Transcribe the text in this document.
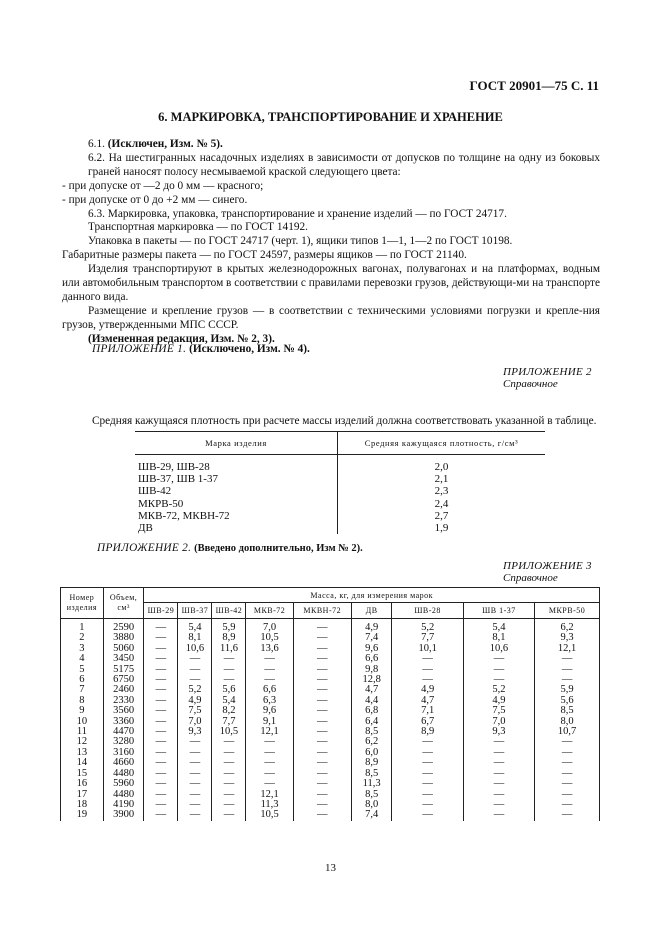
ГОСТ 20901—75 С. 11
6. МАРКИРОВКА, ТРАНСПОРТИРОВАНИЕ И ХРАНЕНИЕ

6.1. (Исключен, Изм. № 5).

6.2. На шестигранных насадочных изделиях в зависимости от допусков по толщине на одну из боковых граней наносят полосу несмываемой краской следующего цвета:

- при допуске от —2 до 0 мм — красного;

- при допуске от 0 до +2 мм — синего.

6.3. Маркировка, упаковка, транспортирование и хранение изделий — по ГОСТ 24717.

Транспортная маркировка — по ГОСТ 14192.

Упаковка в пакеты — по ГОСТ 24717 (черт. 1), ящики типов 1—1, 1—2 по ГОСТ 10198.

Габаритные размеры пакета — по ГОСТ 24597, размеры ящиков — по ГОСТ 21140.

Изделия транспортируют в крытых железнодорожных вагонах, полувагонах и на платформах, водным или автомобильным транспортом в соответствии с правилами перевозки грузов, действующи-ми на транспорте данного вида.

Размещение и крепление грузов — в соответствии с техническими условиями погрузки и крепле-ния грузов, утвержденными МПС СССР.

(Измененная редакция, Изм. № 2, 3).

ПРИЛОЖЕНИЕ 1. (Исключено, Изм. № 4).
ПРИЛОЖЕНИЕ 2
Справочное
Средняя кажущаяся плотность при расчете массы изделий должна соответствовать указанной в таблице.
Марка изделия	Средняя кажущаяся плотность, г/см³
ШВ-29, ШВ-28	2,0
ШВ-37, ШВ 1-37	2,1
ШВ-42	2,3
МКРВ-50	2,4
МКВ-72, МКВН-72	2,7
ДВ	1,9
ПРИЛОЖЕНИЕ 2. (Введено дополнительно, Изм № 2).
ПРИЛОЖЕНИЕ 3
Справочное
Номер изделия	Объем, см³	Масса, кг, для измерения марок								
		ШВ-29	ШВ-37	ШВ-42	МКВ-72	МКВН-72	ДВ	ШВ-28	ШВ 1-37	МКРВ-50
1	2590	—	5,4	5,9	7,0	—	4,9	5,2	5,4	6,2
2	3880	—	8,1	8,9	10,5	—	7,4	7,7	8,1	9,3
3	5060	—	10,6	11,6	13,6	—	9,6	10,1	10,6	12,1
4	3450	—	—	—	—	—	6,6	—	—	—
5	5175	—	—	—	—	—	9,8	—	—	—
6	6750	—	—	—	—	—	12,8	—	—	—
7	2460	—	5,2	5,6	6,6	—	4,7	4,9	5,2	5,9
8	2330	—	4,9	5,4	6,3	—	4,4	4,7	4,9	5,6
9	3560	—	7,5	8,2	9,6	—	6,8	7,1	7,5	8,5
10	3360	—	7,0	7,7	9,1	—	6,4	6,7	7,0	8,0
11	4470	—	9,3	10,5	12,1	—	8,5	8,9	9,3	10,7
12	3280	—	—	—	—	—	6,2	—	—	—
13	3160	—	—	—	—	—	6,0	—	—	—
14	4660	—	—	—	—	—	8,9	—	—	—
15	4480	—	—	—	—	—	8,5	—	—	—
16	5960	—	—	—	—	—	11,3	—	—	—
17	4480	—	—	—	12,1	—	8,5	—	—	—
18	4190	—	—	—	11,3	—	8,0	—	—	—
19	3900	—	—	—	10,5	—	7,4	—	—	—
13
